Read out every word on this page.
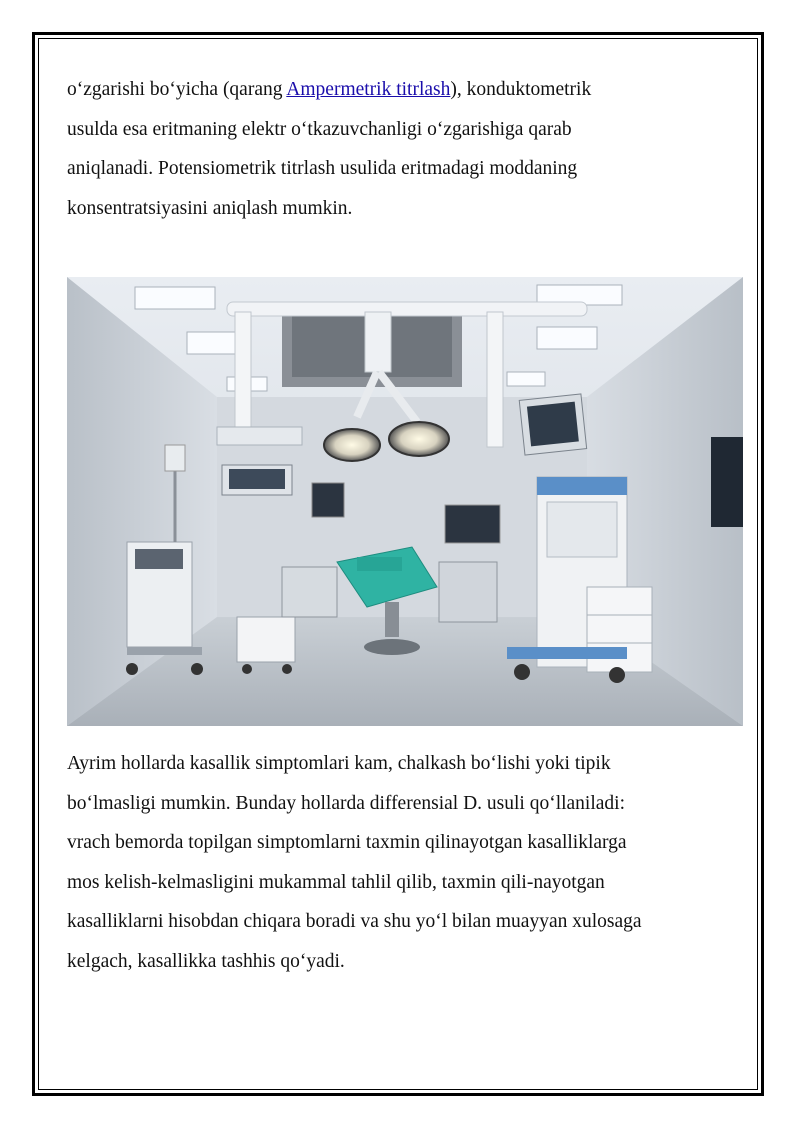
o‘zgarishi bo‘yicha (qarang Ampermetrik titrlash), konduktometrik
usulda esa eritmaning elektr o‘tkazuvchanligi o‘zgarishiga qarab
aniqlanadi. Potensiometrik titrlash usulida eritmadagi moddaning
konsentratsiyasini aniqlash mumkin.

Ayrim hollarda kasallik simptomlari kam, chalkash bo‘lishi yoki tipik
bo‘lmasligi mumkin. Bunday hollarda differensial D. usuli qo‘llaniladi:
vrach bemorda topilgan simptomlarni taxmin qilinayotgan kasalliklarga
mos kelish-kelmasligini mukammal tahlil qilib, taxmin qili-nayotgan
kasalliklarni hisobdan chiqara boradi va shu yo‘l bilan muayyan xulosaga
kelgach, kasallikka tashhis qo‘yadi.
